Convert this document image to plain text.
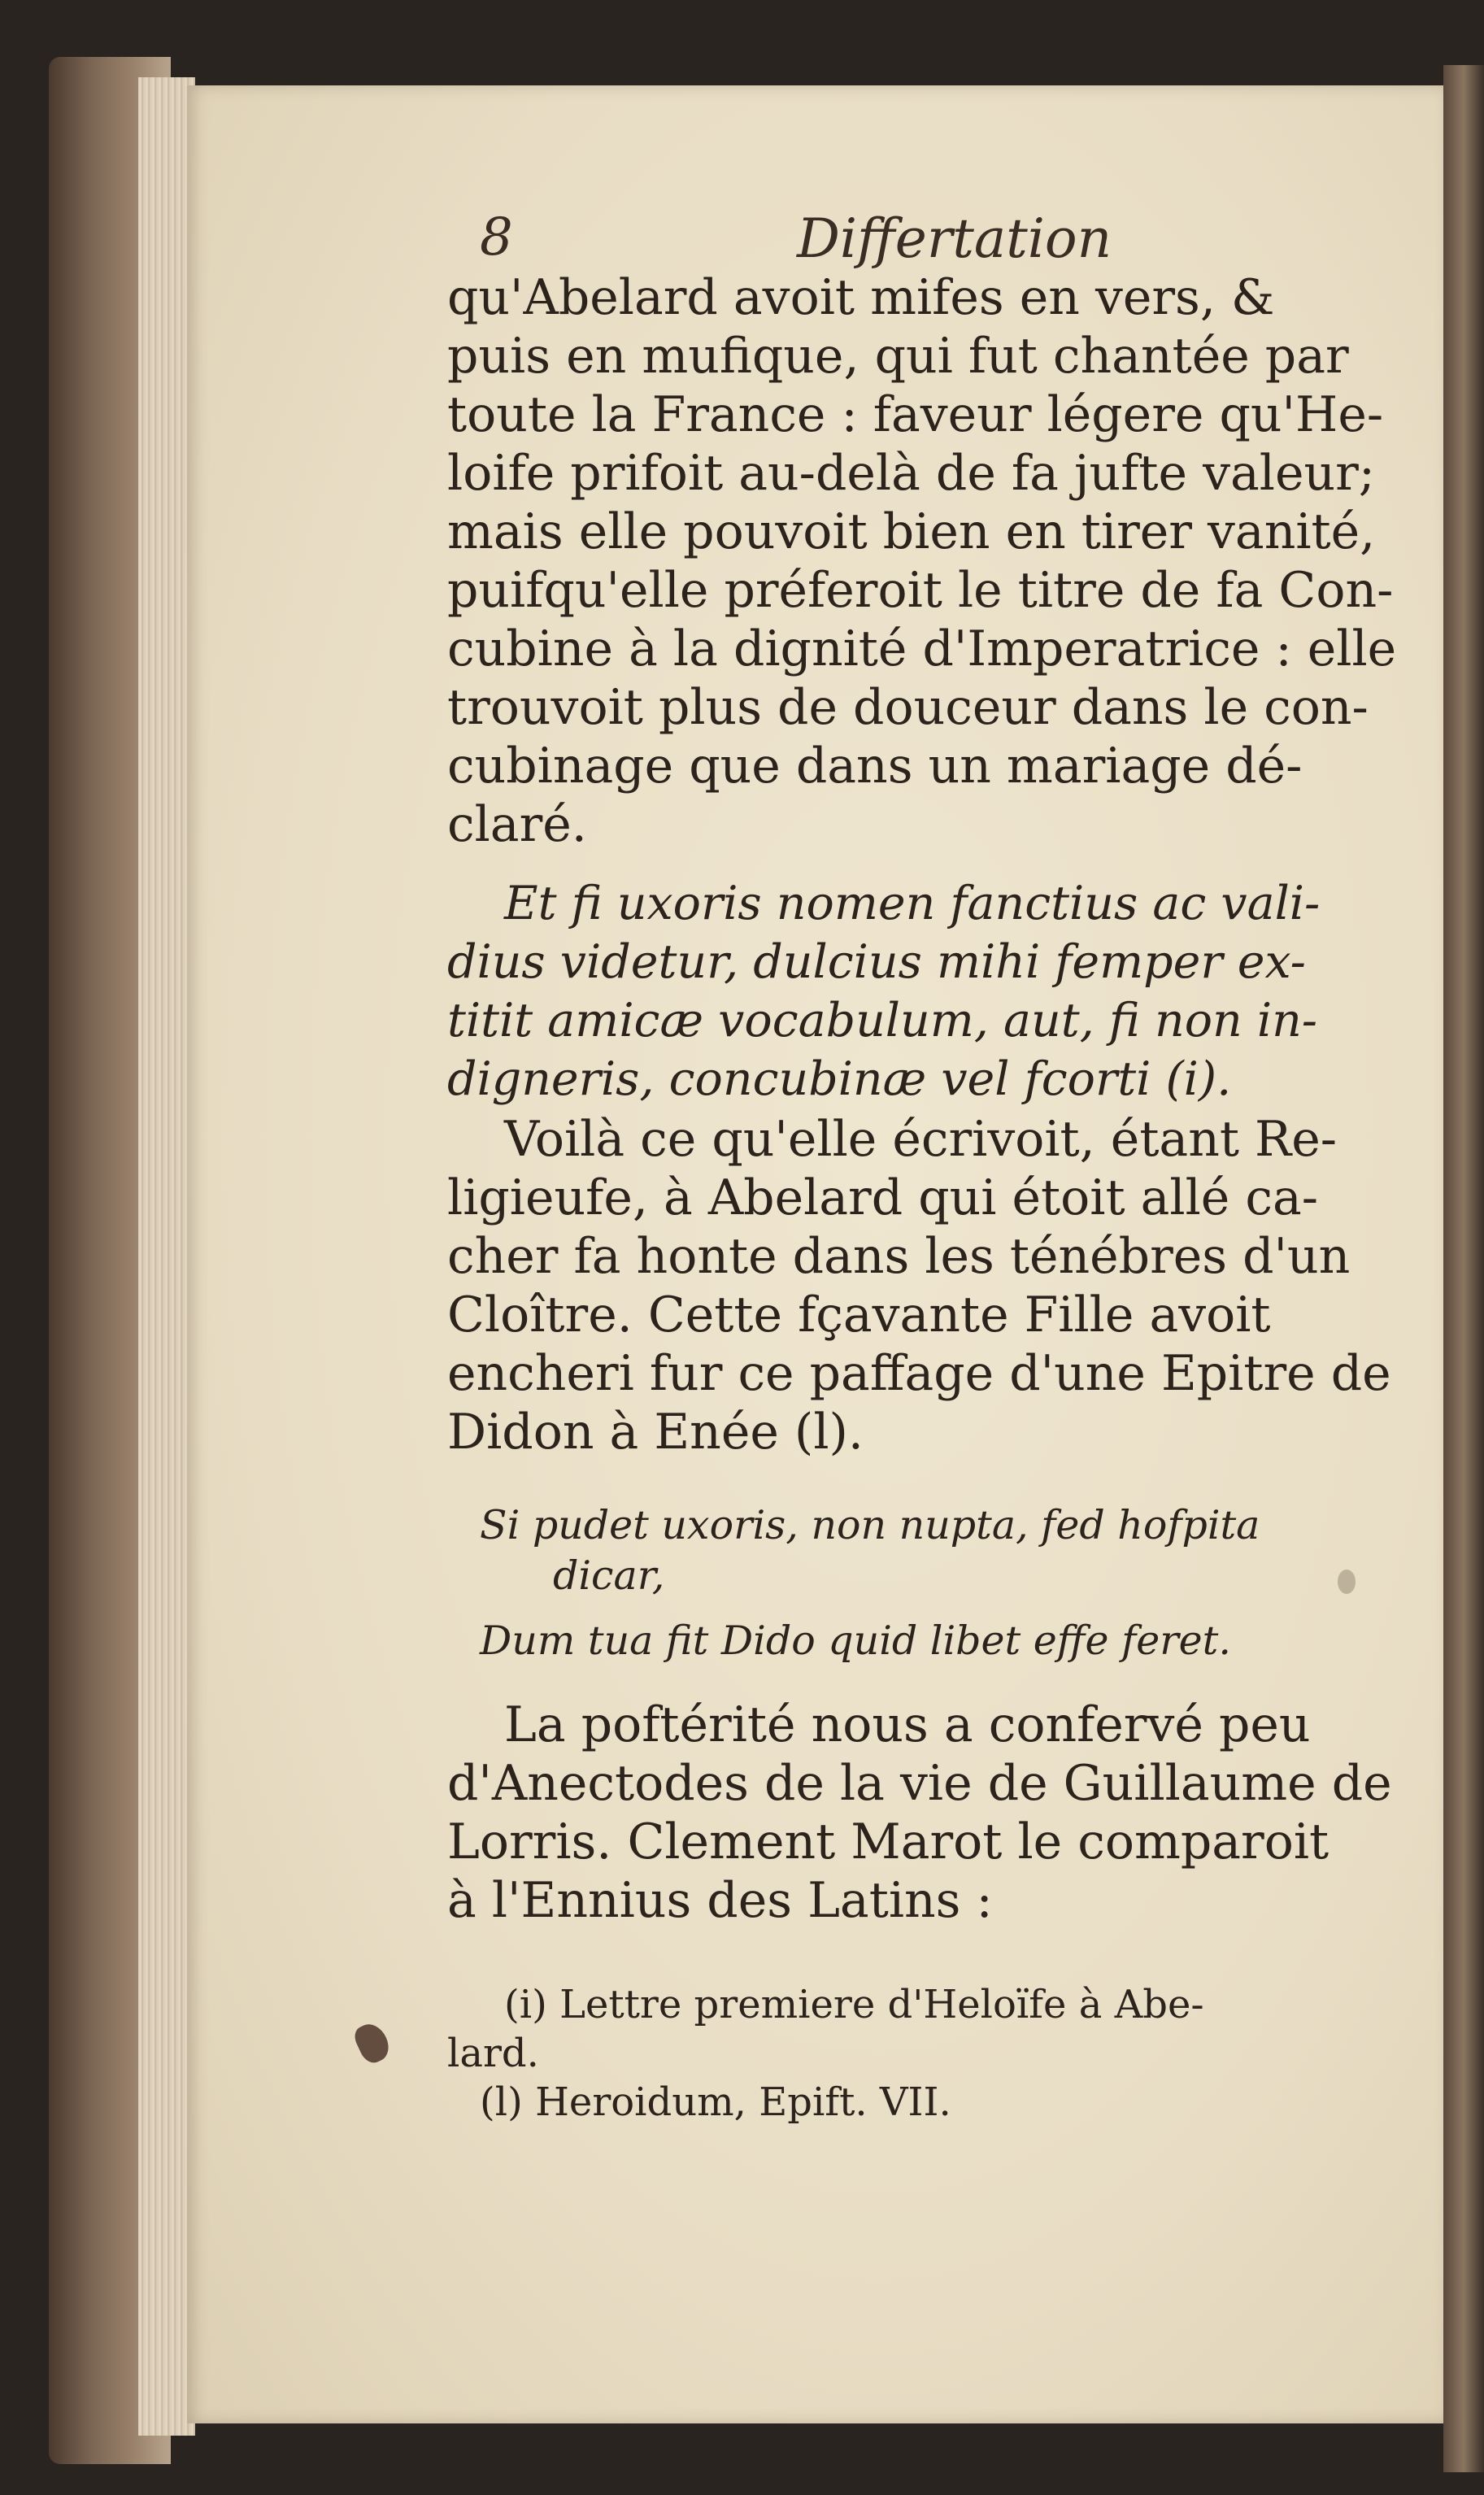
8	Differtation
qu'Abelard avoit mifes en vers, &
puis en mufique, qui fut chantée par
toute la France : faveur légere qu'He-
loife prifoit au-delà de fa jufte valeur;
mais elle pouvoit bien en tirer vanité,
puifqu'elle préferoit le titre de fa Con-
cubine à la dignité d'Imperatrice : elle
trouvoit plus de douceur dans le con-
cubinage que dans un mariage dé-
claré.
Et fi uxoris nomen fanctius ac vali-
dius videtur, dulcius mihi femper ex-
titit amicæ vocabulum, aut, fi non in-
digneris, concubinæ vel fcorti (i).
Voilà ce qu'elle écrivoit, étant Re-
ligieufe, à Abelard qui étoit allé ca-
cher fa honte dans les ténébres d'un
Cloître. Cette fçavante Fille avoit
encheri fur ce paffage d'une Epitre de
Didon à Enée (l).
Si pudet uxoris, non nupta, fed hofpita
dicar,
Dum tua fit Dido quid libet effe feret.
La poftérité nous a confervé peu
d'Anectodes de la vie de Guillaume de
Lorris. Clement Marot le comparoit
à l'Ennius des Latins :
(i) Lettre premiere d'Heloïfe à Abe-
lard.
(l) Heroidum, Epift. VII.
